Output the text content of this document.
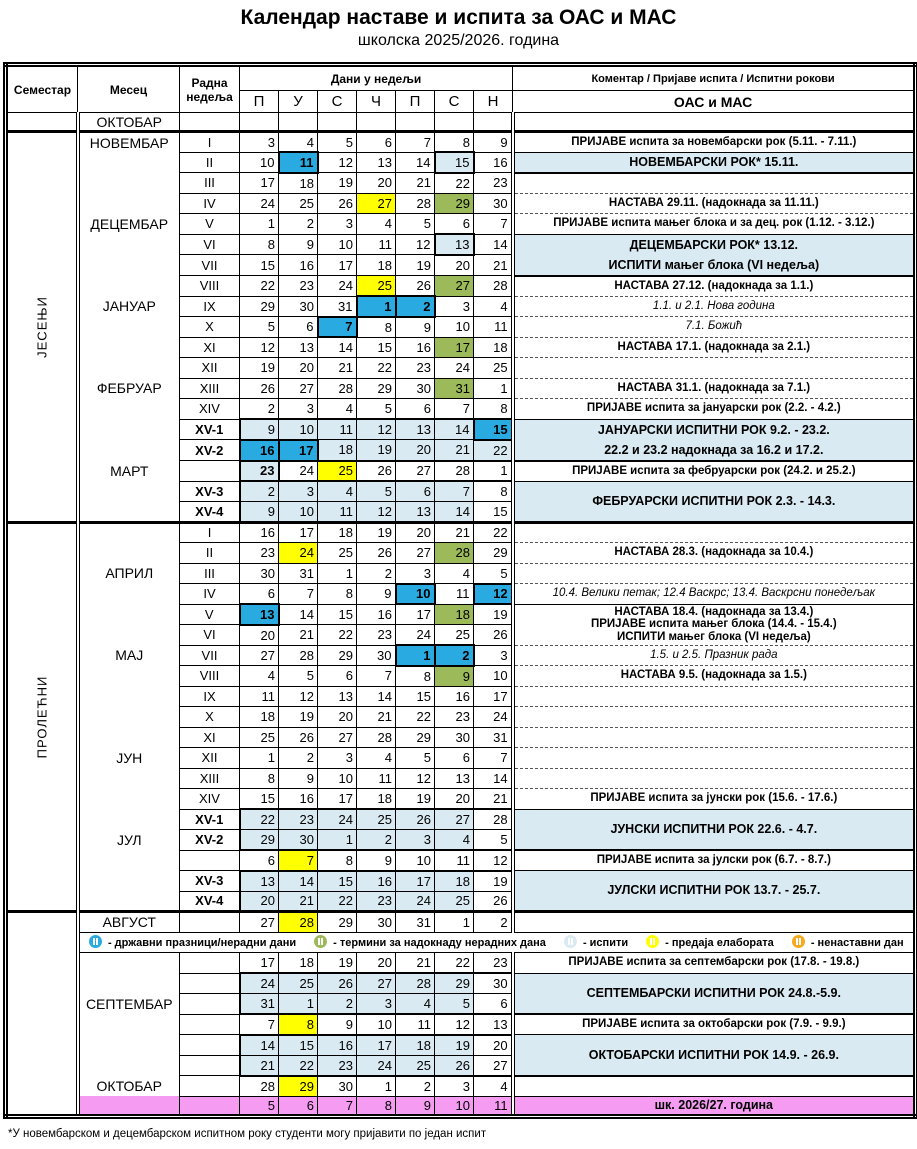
Календар наставе и испита за ОАС и МАС
школска 2025/2026. година
Семестар	Месец	Радна
недеља	Дани у недељи							Коментар / Пријаве испита / Испитни рокови
			П	У	С	Ч	П	С	Н	ОАС и МАС
	ОКТОБАР									

ЈЕСЕЊИ	НОВЕМБАР	I	3	4	5	6	7	8	9	ПРИЈАВЕ испита за новембарски рок (5.11. - 7.11.)
		II	10	11	12	13	14	15	16	НОВЕМБАРСКИ РОК* 15.11.
		III	17	18	19	20	21	22	23	
		IV	24	25	26	27	28	29	30	НАСТАВА 29.11. (надокнада за 11.11.)
	ДЕЦЕМБАР	V	1	2	3	4	5	6	7	ПРИЈАВЕ испита мањег блока и за дец. рок (1.12. - 3.12.)
		VI	8	9	10	11	12	13	14	ДЕЦЕМБАРСКИ РОК* 13.12.
ИСПИТИ мањег блока (VI недеља)
		VII	15	16	17	18	19	20	21	
		VIII	22	23	24	25	26	27	28	НАСТАВА 27.12. (надокнада за 1.1.)
	ЈАНУАР	IX	29	30	31	1	2	3	4	1.1. и 2.1. Нова година
		X	5	6	7	8	9	10	11	7.1. Божић
		XI	12	13	14	15	16	17	18	НАСТАВА 17.1. (надокнада за 2.1.)
		XII	19	20	21	22	23	24	25	
	ФЕБРУАР	XIII	26	27	28	29	30	31	1	НАСТАВА 31.1. (надокнада за 7.1.)
		XIV	2	3	4	5	6	7	8	ПРИЈАВЕ испита за јануарски рок (2.2. - 4.2.)
		XV-1	9	10	11	12	13	14	15	ЈАНУАРСКИ ИСПИТНИ РОК 9.2. - 23.2.
22.2 и 23.2 надокнада за 16.2 и 17.2.
		XV-2	16	17	18	19	20	21	22	
	МАРТ		23	24	25	26	27	28	1	ПРИЈАВЕ испита за фебруарски рок (24.2. и 25.2.)
		XV-3	2	3	4	5	6	7	8	ФЕБРУАРСКИ ИСПИТНИ РОК 2.3. - 14.3.
		XV-4	9	10	11	12	13	14	15	

ПРОЛЕЋНИ		I	16	17	18	19	20	21	22	
		II	23	24	25	26	27	28	29	НАСТАВА 28.3. (надокнада за 10.4.)
	АПРИЛ	III	30	31	1	2	3	4	5	
		IV	6	7	8	9	10	11	12	10.4. Велики петак; 12.4 Васкрс; 13.4. Васкрсни понедељак
		V	13	14	15	16	17	18	19	НАСТАВА 18.4. (надокнада за 13.4.)
ПРИЈАВЕ испита мањег блока (14.4. - 15.4.)
ИСПИТИ мањег блока (VI недеља)
		VI	20	21	22	23	24	25	26	
	МАЈ	VII	27	28	29	30	1	2	3	1.5. и 2.5. Празник рада
		VIII	4	5	6	7	8	9	10	НАСТАВА 9.5. (надокнада за 1.5.)
		IX	11	12	13	14	15	16	17	
		X	18	19	20	21	22	23	24	
		XI	25	26	27	28	29	30	31	
	ЈУН	XII	1	2	3	4	5	6	7	
		XIII	8	9	10	11	12	13	14	
		XIV	15	16	17	18	19	20	21	ПРИЈАВЕ испита за јунски рок (15.6. - 17.6.)
		XV-1	22	23	24	25	26	27	28	ЈУНСКИ ИСПИТНИ РОК 22.6. - 4.7.
	ЈУЛ	XV-2	29	30	1	2	3	4	5	
			6	7	8	9	10	11	12	ПРИЈАВЕ испита за јулски рок (6.7. - 8.7.)
		XV-3	13	14	15	16	17	18	19	ЈУЛСКИ ИСПИТНИ РОК 13.7. - 25.7.
		XV-4	20	21	22	23	24	25	26	
	АВГУСТ		27	28	29	30	31	1	2	
	- државни празници/нерадни дани - термини за надокнаду нерадних дана - испити - предаја елабората - ненаставни дан									
			17	18	19	20	21	22	23	ПРИЈАВЕ испита за септембарски рок (17.8. - 19.8.)
			24	25	26	27	28	29	30	СЕПТЕМБАРСКИ ИСПИТНИ РОК 24.8.-5.9.
	СЕПТЕМБАР		31	1	2	3	4	5	6	
			7	8	9	10	11	12	13	ПРИЈАВЕ испита за октобарски рок (7.9. - 9.9.)
			14	15	16	17	18	19	20	ОКТОБАРСКИ ИСПИТНИ РОК 14.9. - 26.9.
			21	22	23	24	25	26	27	
	ОКТОБАР		28	29	30	1	2	3	4	
			5	6	7	8	9	10	11	шк. 2026/27. година
*У новембарском и децембарском испитном року студенти могу пријавити по један испит
